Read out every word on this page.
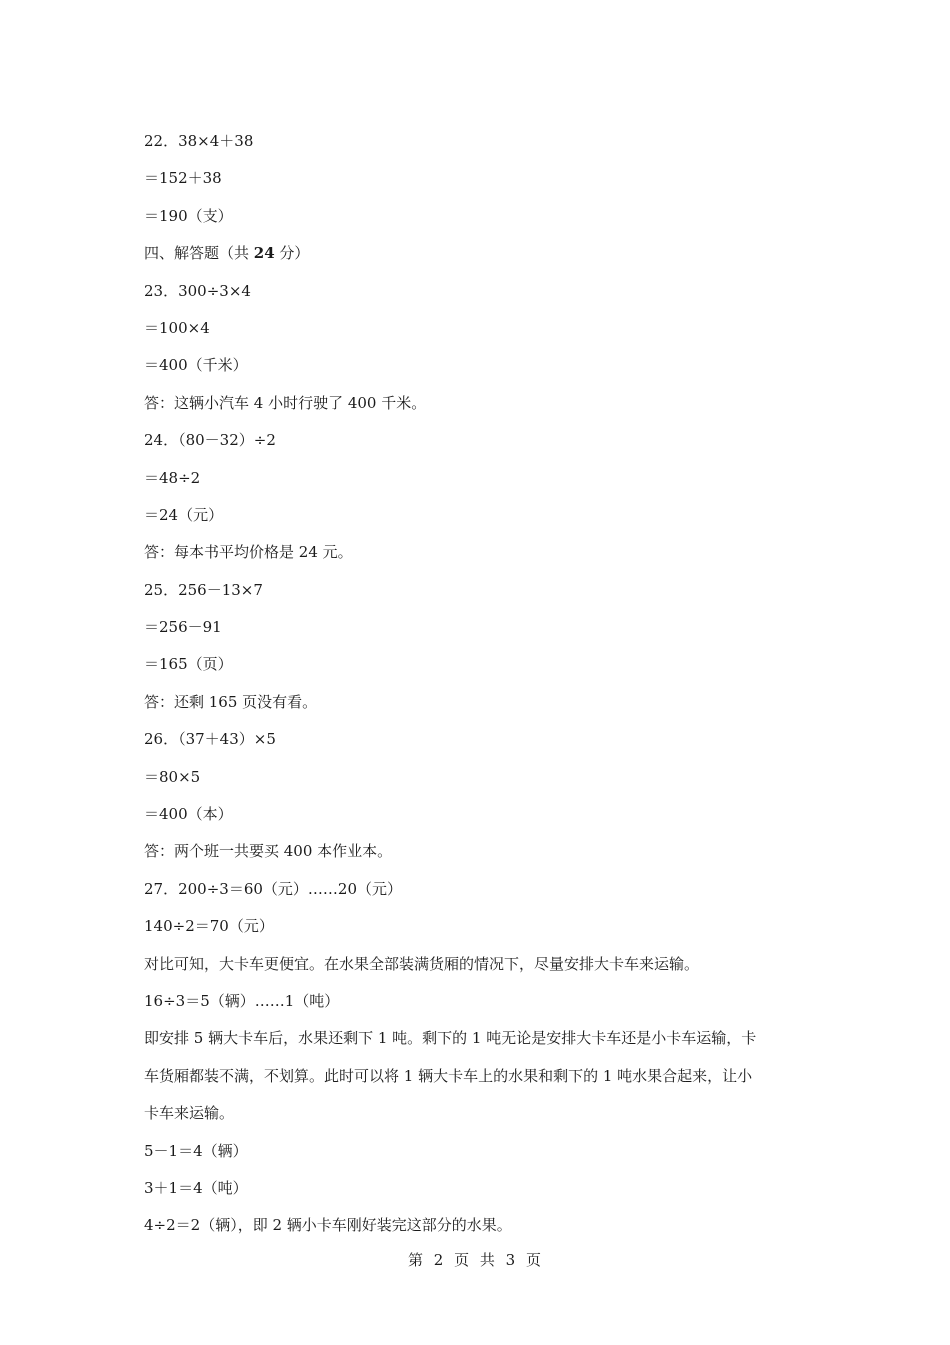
22．38×4＋38
＝152＋38
＝190（支）
四、解答题（共 24 分）
23．300÷3×4
＝100×4
＝400（千米）
答：这辆小汽车 4 小时行驶了 400 千米。
24．（80－32）÷2
＝48÷2
＝24（元）
答：每本书平均价格是 24 元。
25．256－13×7
＝256－91
＝165（页）
答：还剩 165 页没有看。
26．（37＋43）×5
＝80×5
＝400（本）
答：两个班一共要买 400 本作业本。
27．200÷3＝60（元）……20（元）
140÷2＝70（元）
对比可知，大卡车更便宜。在水果全部装满货厢的情况下，尽量安排大卡车来运输。
16÷3＝5（辆）……1（吨）
即安排 5 辆大卡车后，水果还剩下 1 吨。剩下的 1 吨无论是安排大卡车还是小卡车运输，卡
车货厢都装不满，不划算。此时可以将 1 辆大卡车上的水果和剩下的 1 吨水果合起来，让小
卡车来运输。
5－1＝4（辆）
3＋1＝4（吨）
4÷2＝2（辆），即 2 辆小卡车刚好装完这部分的水果。
第 2 页 共 3 页
